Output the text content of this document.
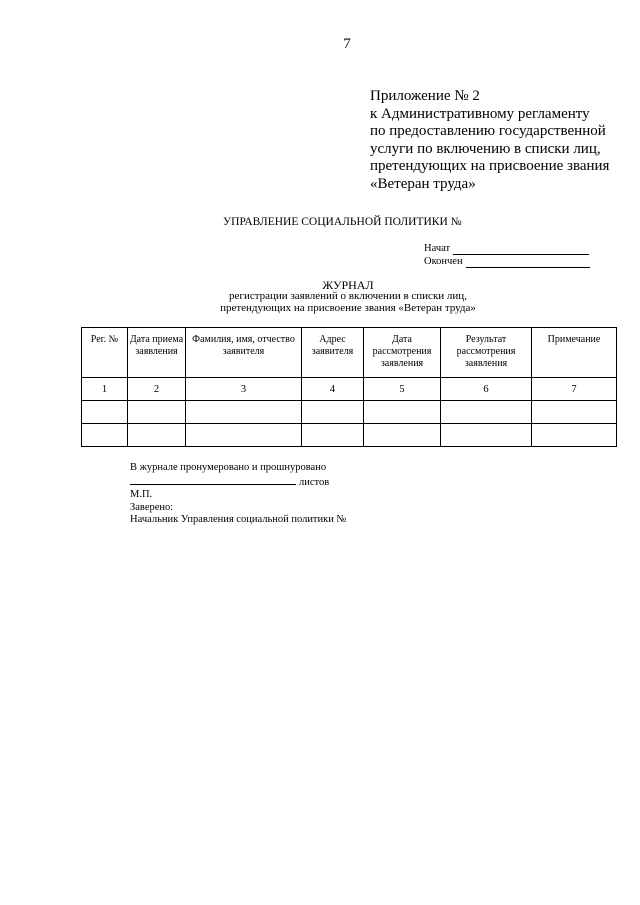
7
Приложение № 2
к Административному регламенту
по предоставлению государственной
услуги по включению в списки лиц,
претендующих на присвоение звания
«Ветеран труда»
УПРАВЛЕНИЕ СОЦИАЛЬНОЙ ПОЛИТИКИ №
Начат
Окончен
ЖУРНАЛ
регистрации заявлений о включении в списки лиц,
претендующих на присвоение звания «Ветеран труда»
Рег. №	Дата приема заявления	Фамилия, имя, отчество заявителя	Адрес заявителя	Дата рассмотрения заявления	Результат рассмотрения заявления	Примечание
1	2	3	4	5	6	7

В журнале пронумеровано и прошнуровано
листов
М.П.
Заверено:
Начальник Управления социальной политики №
